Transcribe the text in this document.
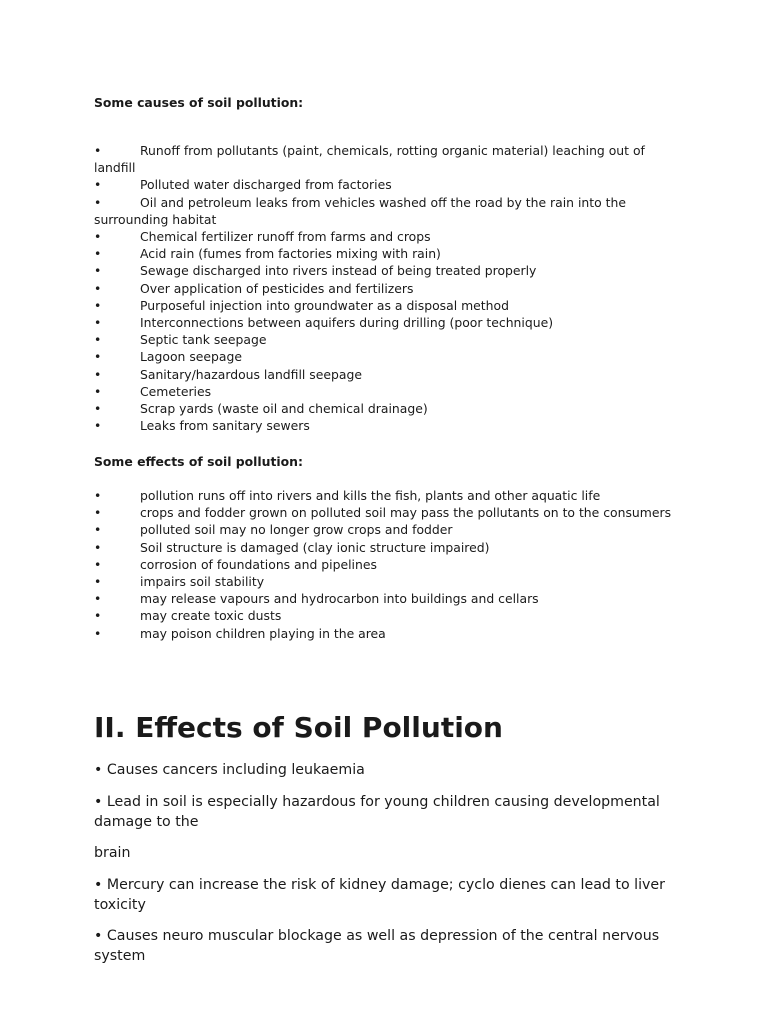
Some causes of soil pollution:
•	Runoff from pollutants (paint, chemicals, rotting organic material) leaching out of landfill
•	Polluted water discharged from factories
•	Oil and petroleum leaks from vehicles washed off the road by the rain into the surrounding habitat
•	Chemical fertilizer runoff from farms and crops
•	Acid rain (fumes from factories mixing with rain)
•	Sewage discharged into rivers instead of being treated properly
•	Over application of pesticides and fertilizers
•	Purposeful injection into groundwater as a disposal method
•	Interconnections between aquifers during drilling (poor technique)
•	Septic tank seepage
•	Lagoon seepage
•	Sanitary/hazardous landfill seepage
•	Cemeteries
•	Scrap yards (waste oil and chemical drainage)
•	Leaks from sanitary sewers
Some effects of soil pollution:
•	pollution runs off into rivers and kills the fish, plants and other aquatic life
•	crops and fodder grown on polluted soil may pass the pollutants on to the consumers
•	polluted soil may no longer grow crops and fodder
•	Soil structure is damaged (clay ionic structure impaired)
•	corrosion of foundations and pipelines
•	impairs soil stability
•	may release vapours and hydrocarbon into buildings and cellars
•	may create toxic dusts
•	may poison children playing in the area
II. Effects of Soil Pollution

• Causes cancers including leukaemia

• Lead in soil is especially hazardous for young children causing developmental damage to the

brain

• Mercury can increase the risk of kidney damage; cyclo dienes can lead to liver toxicity

• Causes neuro muscular blockage as well as depression of the central nervous system
